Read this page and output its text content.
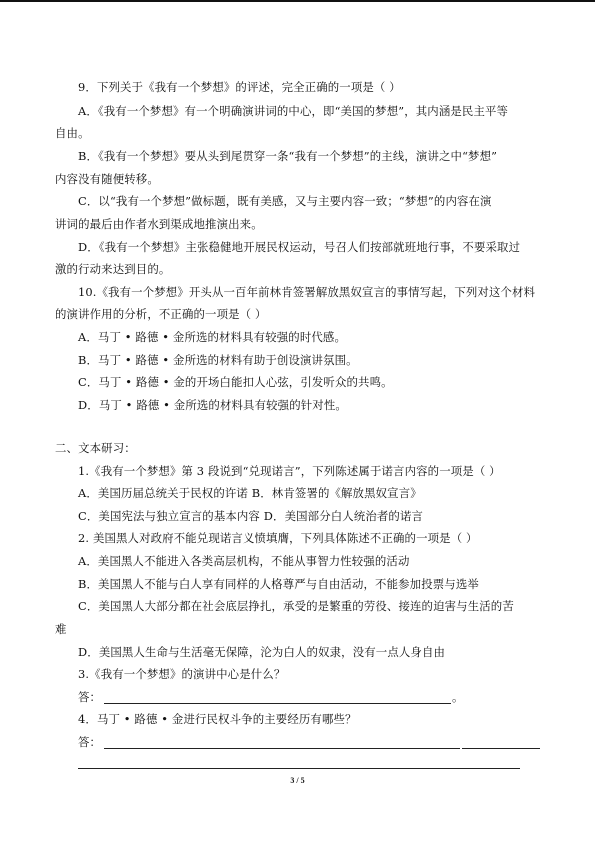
9．下列关于《我有一个梦想》的评述，完全正确的一项是（ ）
A．《我有一个梦想》有一个明确演讲词的中心，即“美国的梦想”，其内涵是民主平等
自由。
B．《我有一个梦想》要从头到尾贯穿一条“我有一个梦想”的主线，演讲之中“梦想”
内容没有随便转移。
C．以“我有一个梦想”做标题，既有美感，又与主要内容一致；“梦想”的内容在演
讲词的最后由作者水到渠成地推演出来。
D．《我有一个梦想》主张稳健地开展民权运动，号召人们按部就班地行事，不要采取过
激的行动来达到目的。
10.《我有一个梦想》开头从一百年前林肯签署解放黑奴宣言的事情写起，下列对这个材料
的演讲作用的分析，不正确的一项是（ ）
A．马丁 • 路德 • 金所选的材料具有较强的时代感。
B．马丁 • 路德 • 金所选的材料有助于创设演讲氛围。
C．马丁 • 路德 • 金的开场白能扣人心弦，引发听众的共鸣。
D．马丁 • 路德 • 金所选的材料具有较强的针对性。
二、文本研习：
1.《我有一个梦想》第 3 段说到“兑现诺言”，下列陈述属于诺言内容的一项是（ ）
A．美国历届总统关于民权的许诺 B．林肯签署的《解放黑奴宣言》
C．美国宪法与独立宣言的基本内容 D．美国部分白人统治者的诺言
2. 美国黑人对政府不能兑现诺言义愤填膺，下列具体陈述不正确的一项是（ ）
A．美国黑人不能进入各类高层机构，不能从事智力性较强的活动
B．美国黑人不能与白人享有同样的人格尊严与自由活动，不能参加投票与选举
C．美国黑人大部分都在社会底层挣扎，承受的是繁重的劳役、接连的迫害与生活的苦
难
D．美国黑人生命与生活毫无保障，沦为白人的奴隶，没有一点人身自由
3.《我有一个梦想》的演讲中心是什么？
答：	。
4．马丁 • 路德 • 金进行民权斗争的主要经历有哪些？
答：
3 / 5
